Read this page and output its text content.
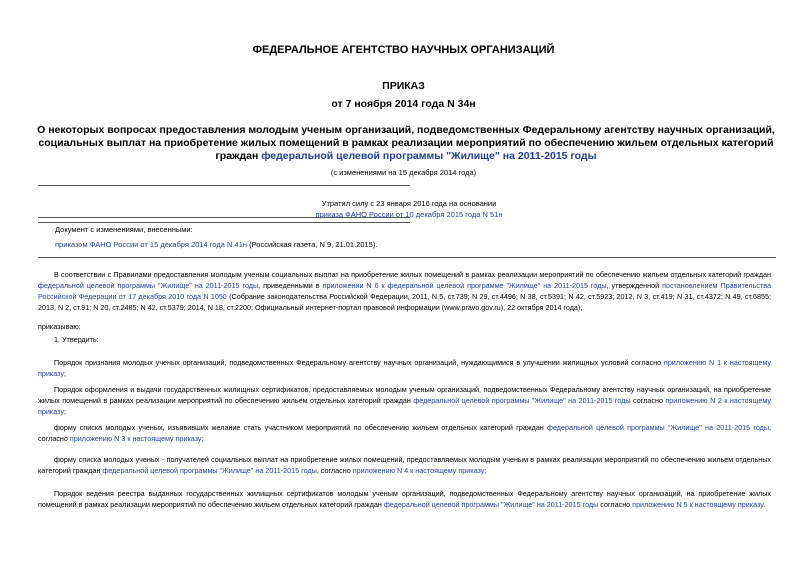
ФЕДЕРАЛЬНОЕ АГЕНТСТВО НАУЧНЫХ ОРГАНИЗАЦИЙ
ПРИКАЗ
от 7 ноября 2014 года N 34н
О некоторых вопросах предоставления молодым ученым организаций, подведомственных Федеральному агентству научных организаций, социальных выплат на приобретение жилых помещений в рамках реализации мероприятий по обеспечению жильем отдельных категорий граждан федеральной целевой программы "Жилище" на 2011-2015 годы
(с изменениями на 15 декабря 2014 года)
Утратил силу с 23 января 2016 года на основании
приказа ФАНО России от 10 декабря 2015 года N 51н
Документ с изменениями, внесенными:
приказом ФАНО России от 15 декабря 2014 года N 41н (Российская газета, N 9, 21.01.2015).
В соответствии с Правилами предоставления молодым ученым социальных выплат на приобретение жилых помещений в рамках реализации мероприятий по обеспечению жильем отдельных категорий граждан федеральной целевой программы "Жилище" на 2011-2015 годы, приведенными в приложении N 6 к федеральной целевой программе "Жилище" на 2011-2015 годы, утвержденной постановлением Правительства Российской Федерации от 17 декабря 2010 года N 1050 (Собрание законодательства Российской Федерации, 2011, N 5, ст.739; N 29, ст.4496; N 38, ст.5391; N 42, ст.5923; 2012, N 3, ст.419; N 31, ст.4372; N 49, ст.6855; 2013, N 2, ст.91; N 20, ст.2485; N 42, ст.5379; 2014, N 18, ст.2200; Официальный интернет-портал правовой информации (www.pravo.gov.ru), 22 октября 2014 года),
приказываю:
1. Утвердить:
Порядок признания молодых ученых организаций, подведомственных Федеральному агентству научных организаций, нуждающимися в улучшении жилищных условий согласно приложению N 1 к настоящему приказу;
Порядок оформления и выдачи государственных жилищных сертификатов, предоставляемых молодым ученым организаций, подведомственных Федеральному агентству научных организаций, на приобретение жилых помещений в рамках реализации мероприятий по обеспечению жильем отдельных категорий граждан федеральной целевой программы "Жилище" на 2011-2015 годы согласно приложению N 2 к настоящему приказу;
форму списка молодых ученых, изъявивших желание стать участником мероприятий по обеспечению жильем отдельных категорий граждан федеральной целевой программы "Жилище" на 2011-2015 годы, согласно приложению N 3 к настоящему приказу;
форму списка молодых ученых - получателей социальных выплат на приобретение жилых помещений, предоставляемых молодым ученым в рамках реализации мероприятий по обеспечению жильем отдельных категорий граждан федеральной целевой программы "Жилище" на 2011-2015 годы, согласно приложению N 4 к настоящему приказу;
Порядок ведения реестра выданных государственных жилищных сертификатов молодым ученым организаций, подведомственных Федеральному агентству научных организаций, на приобретение жилых помещений в рамках реализации мероприятий по обеспечению жильем отдельных категорий граждан федеральной целевой программы "Жилище" на 2011-2015 годы согласно приложению N 5 к настоящему приказу.
